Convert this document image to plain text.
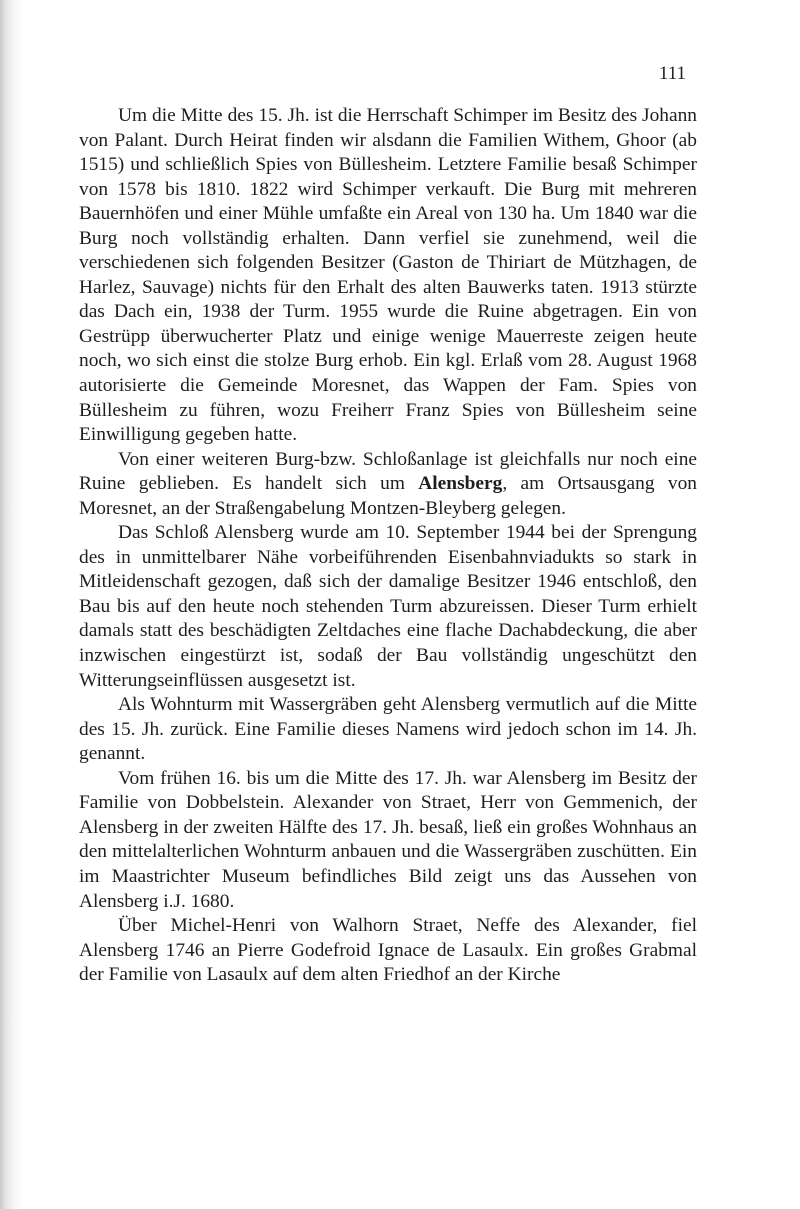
111

Um die Mitte des 15. Jh. ist die Herrschaft Schimper im Besitz des Johann von Palant. Durch Heirat finden wir alsdann die Familien Withem, Ghoor (ab 1515) und schließlich Spies von Büllesheim. Letztere Familie besaß Schimper von 1578 bis 1810. 1822 wird Schimper verkauft. Die Burg mit mehreren Bauernhöfen und einer Mühle umfaßte ein Areal von 130 ha. Um 1840 war die Burg noch vollständig erhalten. Dann verfiel sie zunehmend, weil die verschiedenen sich folgenden Besitzer (Gaston de Thiriart de Mützhagen, de Harlez, Sauvage) nichts für den Erhalt des alten Bauwerks taten. 1913 stürzte das Dach ein, 1938 der Turm. 1955 wurde die Ruine abgetragen. Ein von Gestrüpp überwucherter Platz und einige wenige Mauerreste zeigen heute noch, wo sich einst die stolze Burg erhob. Ein kgl. Erlaß vom 28. August 1968 autorisierte die Gemeinde Moresnet, das Wappen der Fam. Spies von Büllesheim zu führen, wozu Freiherr Franz Spies von Büllesheim seine Einwilligung gegeben hatte.

Von einer weiteren Burg-bzw. Schloßanlage ist gleichfalls nur noch eine Ruine geblieben. Es handelt sich um Alensberg, am Ortsausgang von Moresnet, an der Straßengabelung Montzen-Bleyberg gelegen.

Das Schloß Alensberg wurde am 10. September 1944 bei der Sprengung des in unmittelbarer Nähe vorbeiführenden Eisenbahnviadukts so stark in Mitleidenschaft gezogen, daß sich der damalige Besitzer 1946 entschloß, den Bau bis auf den heute noch stehenden Turm abzureissen. Dieser Turm erhielt damals statt des beschädigten Zeltdaches eine flache Dachabdeckung, die aber inzwischen eingestürzt ist, sodaß der Bau vollständig ungeschützt den Witterungseinflüssen ausgesetzt ist.

Als Wohnturm mit Wassergräben geht Alensberg vermutlich auf die Mitte des 15. Jh. zurück. Eine Familie dieses Namens wird jedoch schon im 14. Jh. genannt.

Vom frühen 16. bis um die Mitte des 17. Jh. war Alensberg im Besitz der Familie von Dobbelstein. Alexander von Straet, Herr von Gemmenich, der Alensberg in der zweiten Hälfte des 17. Jh. besaß, ließ ein großes Wohnhaus an den mittelalterlichen Wohnturm anbauen und die Wassergräben zuschütten. Ein im Maastrichter Museum befindliches Bild zeigt uns das Aussehen von Alensberg i.J. 1680.

Über Michel-Henri von Walhorn Straet, Neffe des Alexander, fiel Alensberg 1746 an Pierre Godefroid Ignace de Lasaulx. Ein großes Grabmal der Familie von Lasaulx auf dem alten Friedhof an der Kirche
